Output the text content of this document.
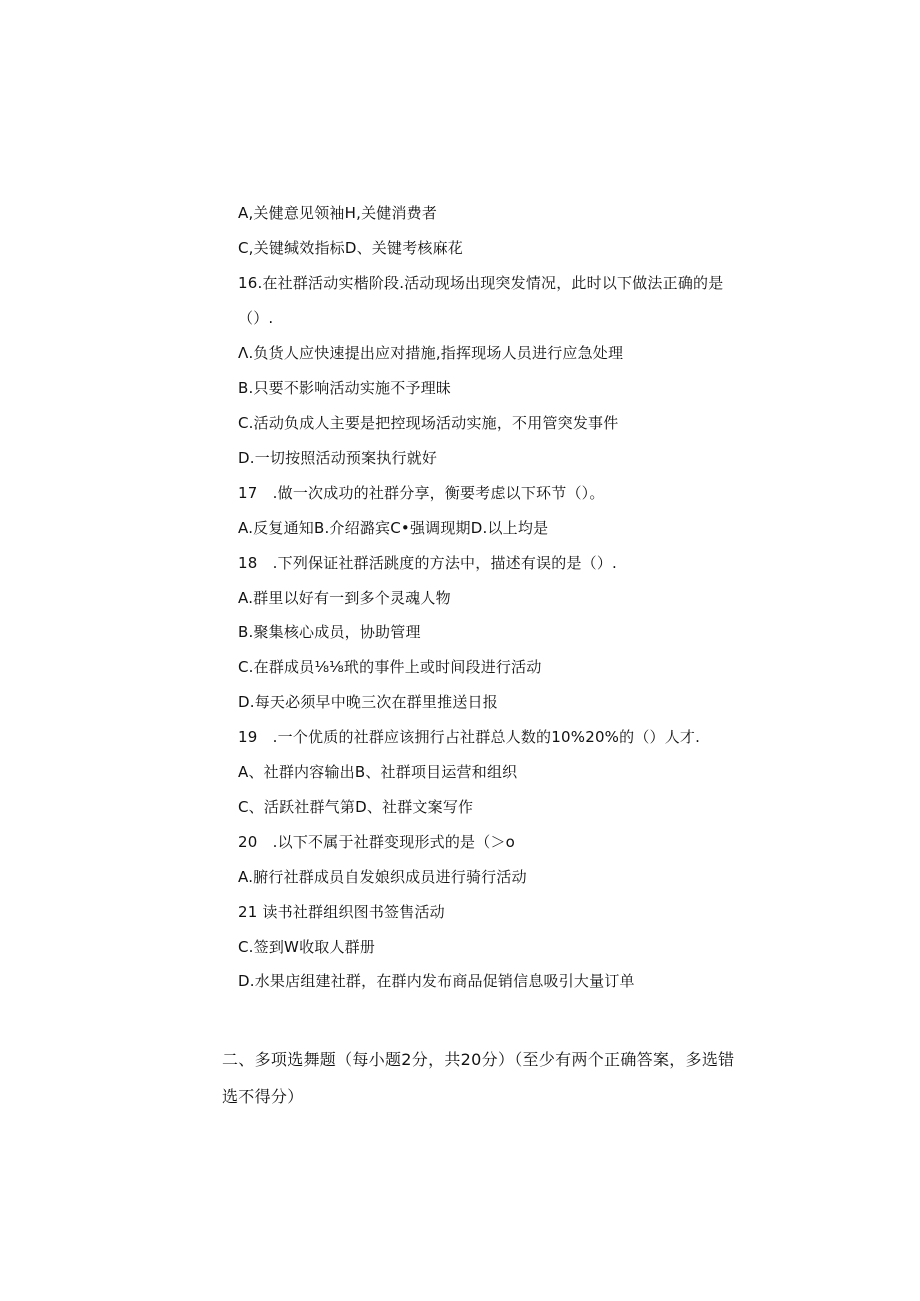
A,关健意见领袖H,关健消费者
C,关键缄效指标D、关键考核麻花
16.在社群活动实楷阶段.活动现场出现突发情况，此时以下做法正确的是
（）.
Λ.负货人应快速提出应对措施,指挥现场人员进行应急处理
B.只要不影响活动实施不予理昧
C.活动负成人主要是把控现场活动实施，不用管突发事件
D.一切按照活动预案执行就好
17　.做一次成功的社群分享，衡要考虑以下环节（）。
A.反复通知B.介绍潞宾C•强调现期D.以上均是
18　.下列保证社群活跳度的方法中，描述有误的是（）.
A.群里以好有一到多个灵魂人物
B.聚集核心成员，协助管理
C.在群成员⅛⅛玳的事件上或时间段进行活动
D.每天必须早中晚三次在群里推送日报
19　.一个优质的社群应该拥行占社群总人数的10%20%的（）人才.
A、社群内容输出B、社群项目运营和组织
C、活跃社群气第D、社群文案写作
20　.以下不属于社群变现形式的是（＞o
A.腑行社群成员自发娘织成员进行骑行活动
21 读书社群组织图书签售活动
C.签到W收取人群册
D.水果店组建社群，在群内发布商品促销信息吸引大量订单
二、多项选舞题（每小题2分，共20分）（至少有两个正确答案，多选错
选不得分）
